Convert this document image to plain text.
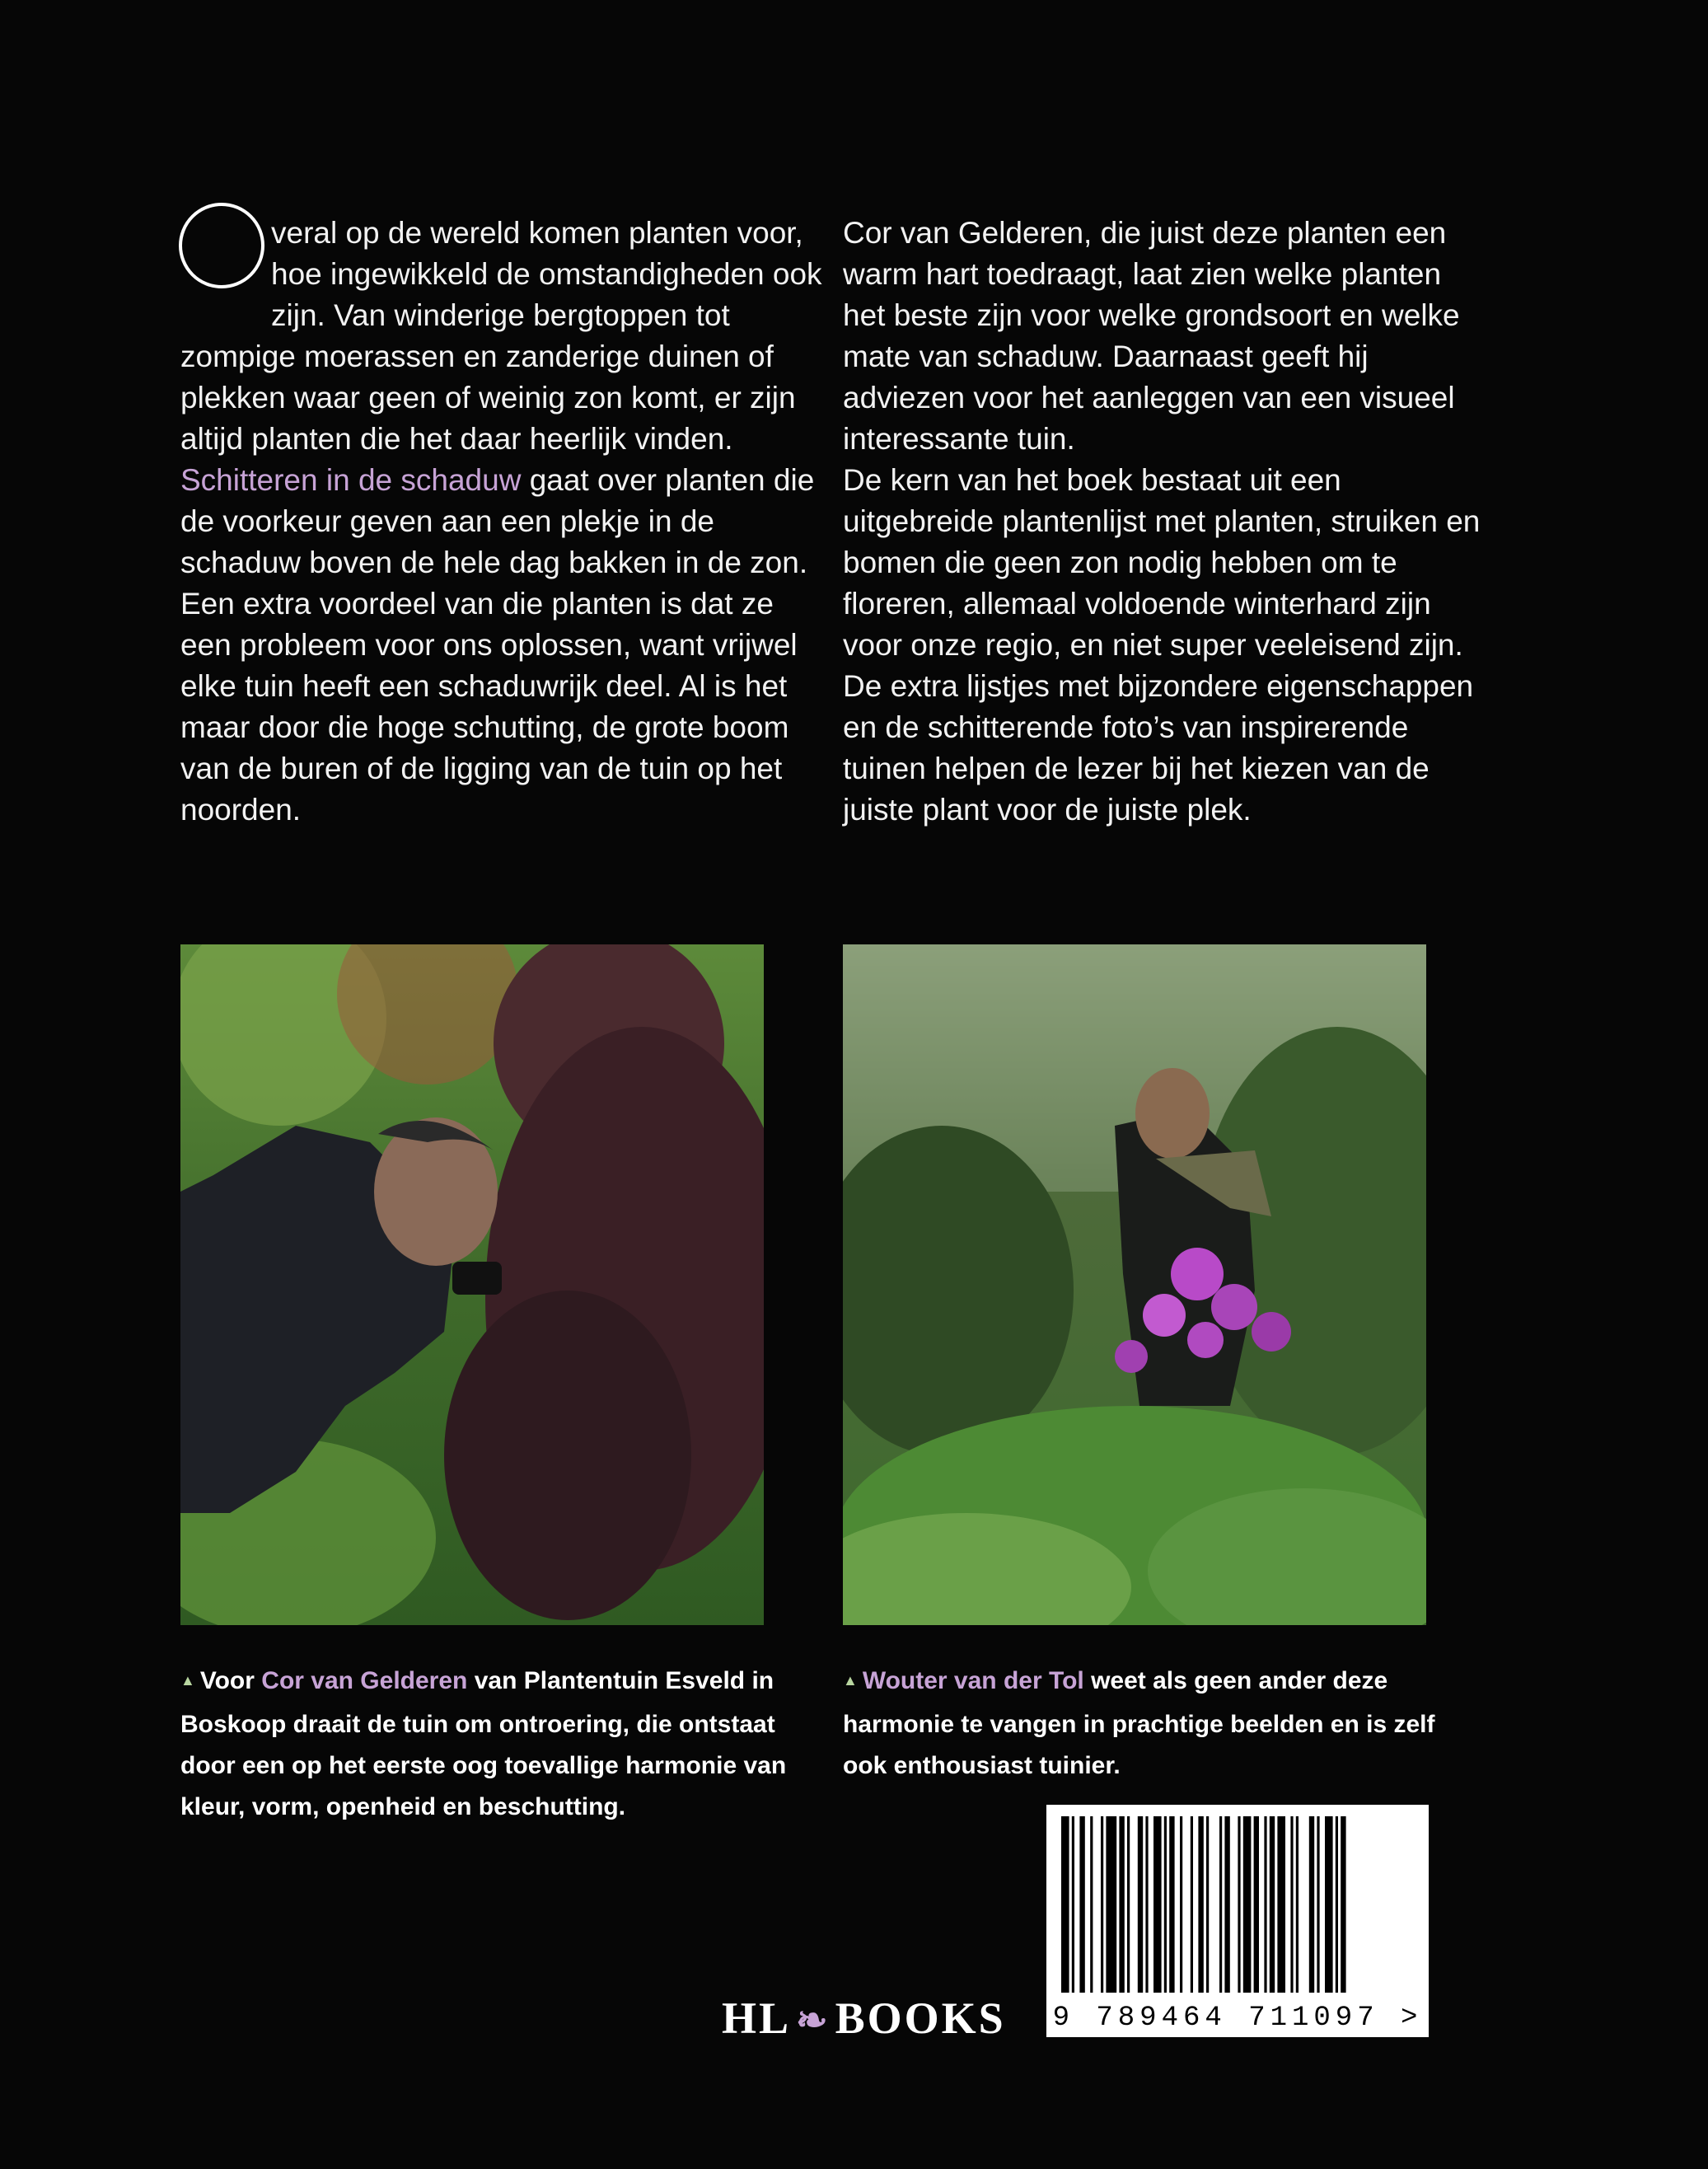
veral op de wereld komen planten voor, hoe ingewikkeld de omstandigheden ook zijn. Van winderige bergtoppen tot zompige moerassen en zanderige duinen of plekken waar geen of weinig zon komt, er zijn altijd planten die het daar heerlijk vinden. Schitteren in de schaduw gaat over planten die de voorkeur geven aan een plekje in de schaduw boven de hele dag bakken in de zon. Een extra voordeel van die planten is dat ze een probleem voor ons oplossen, want vrijwel elke tuin heeft een schaduwrijk deel. Al is het maar door die hoge schutting, de grote boom van de buren of de ligging van de tuin op het noorden.

Cor van Gelderen, die juist deze planten een warm hart toedraagt, laat zien welke planten het beste zijn voor welke grondsoort en welke mate van schaduw. Daarnaast geeft hij adviezen voor het aanleggen van een visueel interessante tuin.

De kern van het boek bestaat uit een uitgebreide plantenlijst met planten, struiken en bomen die geen zon nodig hebben om te floreren, allemaal voldoende winterhard zijn voor onze regio, en niet super veeleisend zijn.

De extra lijstjes met bijzondere eigenschappen en de schitterende foto’s van inspirerende tuinen helpen de lezer bij het kiezen van de juiste plant voor de juiste plek.

▲ Voor Cor van Gelderen van Plantentuin Esveld in Boskoop draait de tuin om ontroering, die ontstaat door een op het eerste oog toevallige harmonie van kleur, vorm, openheid en beschutting.
▲ Wouter van der Tol weet als geen ander deze harmonie te vangen in prachtige beelden en is zelf ook enthousiast tuinier.
HL ❧ BOOKS 9 789464 711097 >
